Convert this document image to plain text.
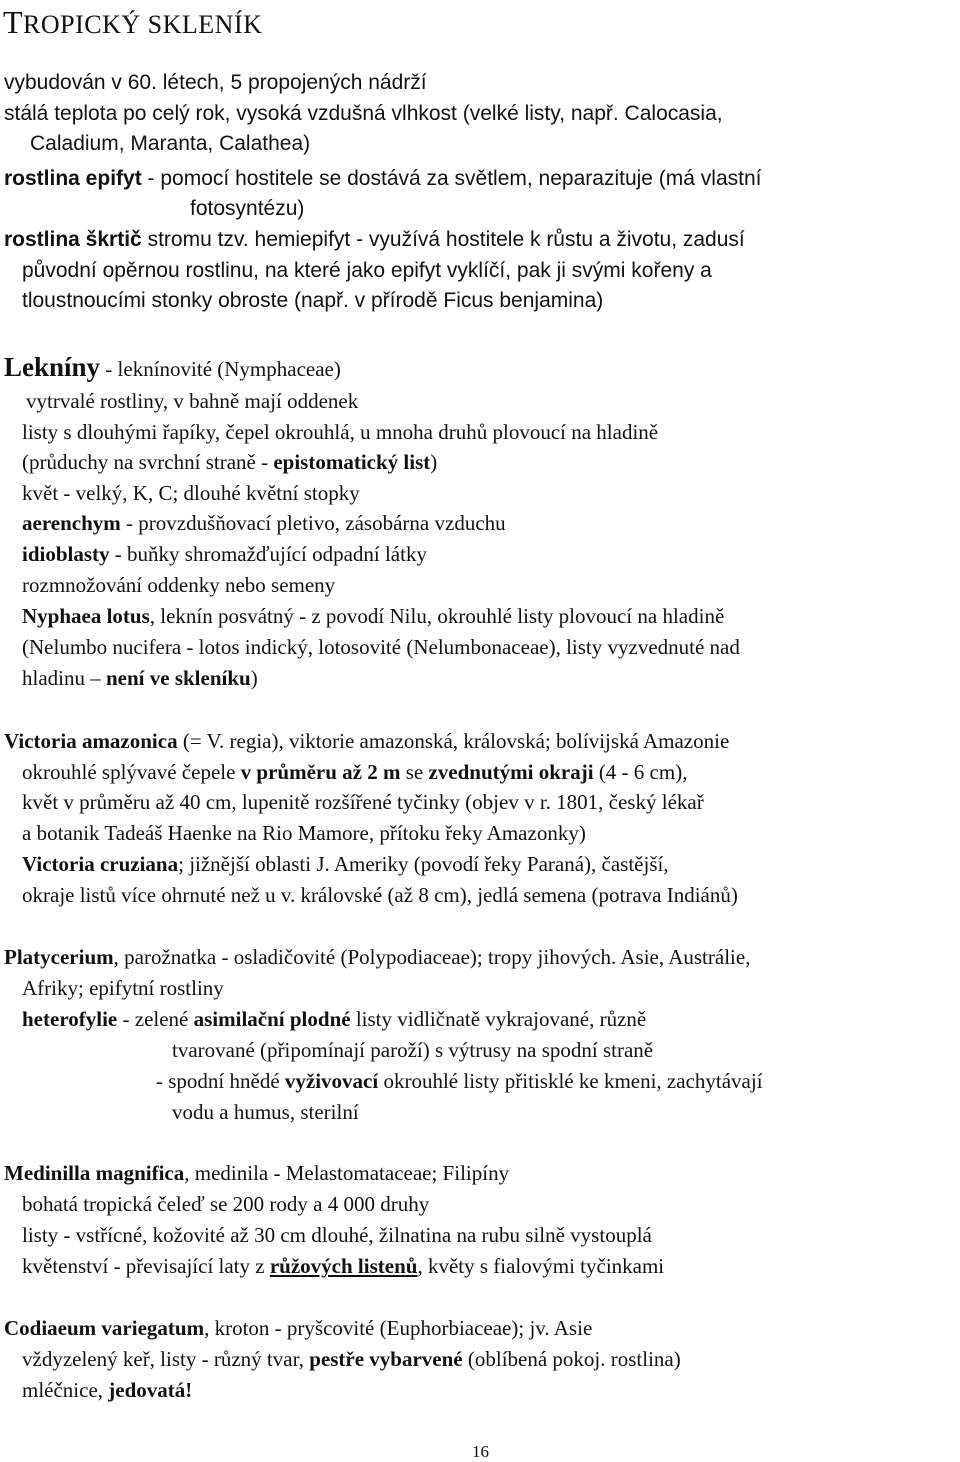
TROPICKÝ SKLENÍK
vybudován v 60. létech, 5 propojených nádrží
stálá teplota po celý rok, vysoká vzdušná vlhkost (velké listy, např. Calocasia,
Caladium, Maranta, Calathea)
rostlina epifyt - pomocí hostitele se dostává za světlem, neparazituje (má vlastní
fotosyntézu)
rostlina škrtič stromu tzv. hemiepifyt - využívá hostitele k růstu a životu, zadusí
původní opěrnou rostlinu, na které jako epifyt vyklíčí, pak ji svými kořeny a
tloustnoucími stonky obroste (např. v přírodě Ficus benjamina)
Lekníny - leknínovité (Nymphaceae)
vytrvalé rostliny, v bahně mají oddenek
listy s dlouhými řapíky, čepel okrouhlá, u mnoha druhů plovoucí na hladině
(průduchy na svrchní straně - epistomatický list)
květ - velký, K, C; dlouhé květní stopky
aerenchym - provzdušňovací pletivo, zásobárna vzduchu
idioblasty - buňky shromažďující odpadní látky
rozmnožování oddenky nebo semeny
Nyphaea lotus, leknín posvátný - z povodí Nilu, okrouhlé listy plovoucí na hladině
(Nelumbo nucifera - lotos indický, lotosovité (Nelumbonaceae), listy vyzvednuté nad
hladinu – není ve skleníku)
Victoria amazonica (= V. regia), viktorie amazonská, královská; bolívijská Amazonie
okrouhlé splývavé čepele v průměru až 2 m se zvednutými okraji (4 - 6 cm),
květ v průměru až 40 cm, lupenitě rozšířené tyčinky (objev v r. 1801, český lékař
a botanik Tadeáš Haenke na Rio Mamore, přítoku řeky Amazonky)
Victoria cruziana; jižnější oblasti J. Ameriky (povodí řeky Paraná), častější,
okraje listů více ohrnuté než u v. královské (až 8 cm), jedlá semena (potrava Indiánů)
Platycerium, parožnatka - osladičovité (Polypodiaceae); tropy jihových. Asie, Austrálie,
Afriky; epifytní rostliny
heterofylie - zelené asimilační plodné listy vidličnatě vykrajované, různě
tvarované (připomínají paroží) s výtrusy na spodní straně
- spodní hnědé vyživovací okrouhlé listy přitisklé ke kmeni, zachytávají
vodu a humus, sterilní
Medinilla magnifica, medinila - Melastomataceae; Filipíny
bohatá tropická čeleď se 200 rody a 4 000 druhy
listy - vstřícné, kožovité až 30 cm dlouhé, žilnatina na rubu silně vystouplá
květenství - převisající laty z růžových listenů, květy s fialovými tyčinkami
Codiaeum variegatum, kroton - pryšcovité (Euphorbiaceae); jv. Asie
vždyzelený keř, listy - různý tvar, pestře vybarvené (oblíbená pokoj. rostlina)
mléčnice, jedovatá!
16
